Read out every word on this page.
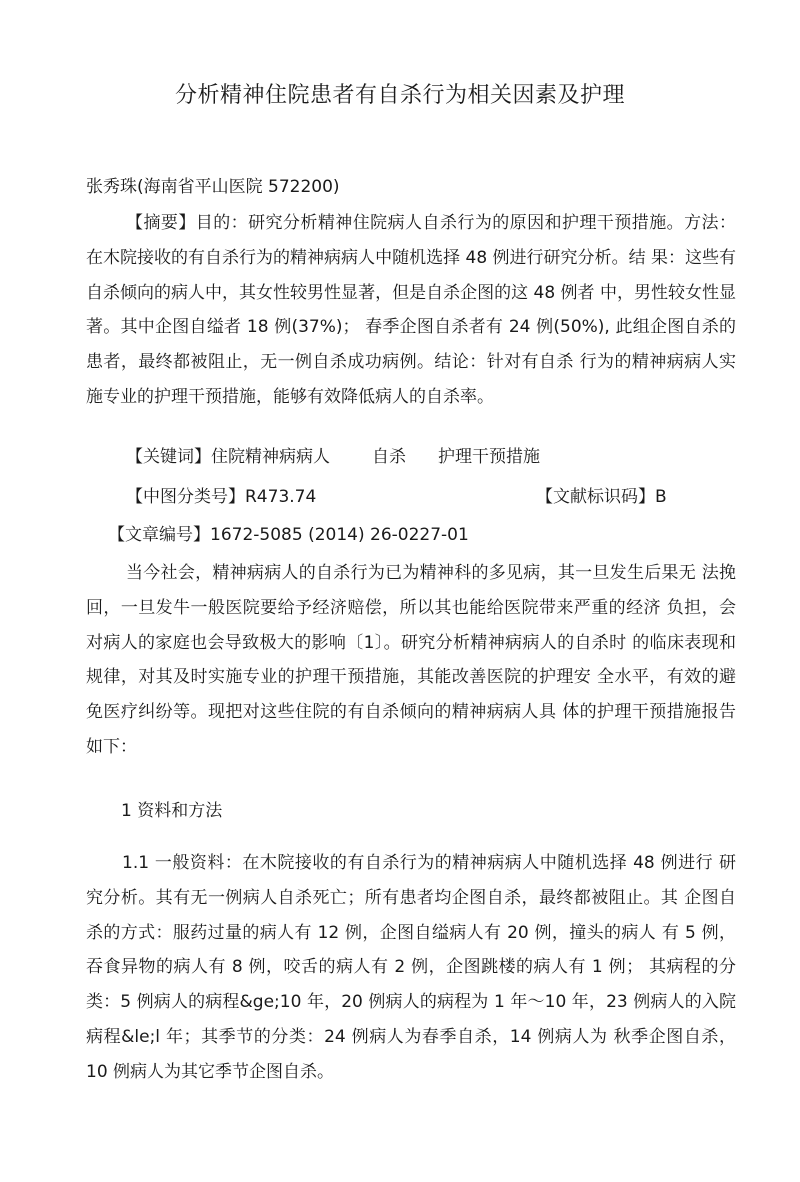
分析精神住院患者有自杀行为相关因素及护理
张秀珠(海南省平山医院 572200)

【摘要】目的：研究分析精神住院病人自杀行为的原因和护理干预措施。方法：在木院接收的有自杀行为的精神病病人中随机选择 48 例进行研究分析。结 果：这些有自杀倾向的病人中，其女性较男性显著，但是自杀企图的这 48 例者 中，男性较女性显著。其中企图自缢者 18 例(37%)； 春季企图自杀者有 24 例(50%), 此组企图自杀的患者，最终都被阻止，无一例自杀成功病例。结论：针对有自杀 行为的精神病病人实施专业的护理干预措施，能够有效降低病人的自杀率。

【关键词】住院精神病病人 自杀 护理干预措施
【中图分类号】R473.74	【文献标识码】B
【文章编号】1672-5085 (2014) 26-0227-01

当今社会，精神病病人的自杀行为已为精神科的多见病，其一旦发生后果无 法挽回，一旦发牛一般医院要给予经济赔偿，所以其也能给医院带来严重的经济 负担，会对病人的家庭也会导致极大的影响〔1〕。研究分析精神病病人的自杀时 的临床表现和规律，对其及时实施专业的护理干预措施，其能改善医院的护理安 全水平，有效的避免医疗纠纷等。现把对这些住院的有自杀倾向的精神病病人具 体的护理干预措施报告如下：

1 资料和方法

1.1 一般资料：在木院接收的有自杀行为的精神病病人中随机选择 48 例进行 研究分析。其有无一例病人自杀死亡；所有患者均企图自杀，最终都被阻止。其 企图自杀的方式：服药过量的病人有 12 例，企图自缢病人有 20 例，撞头的病人 有 5 例，吞食异物的病人有 8 例，咬舌的病人有 2 例，企图跳楼的病人有 1 例； 其病程的分类：5 例病人的病程&ge;10 年，20 例病人的病程为 1 年～10 年，23 例病人的入院病程&le;l 年；其季节的分类：24 例病人为春季自杀，14 例病人为 秋季企图自杀，10 例病人为其它季节企图自杀。
